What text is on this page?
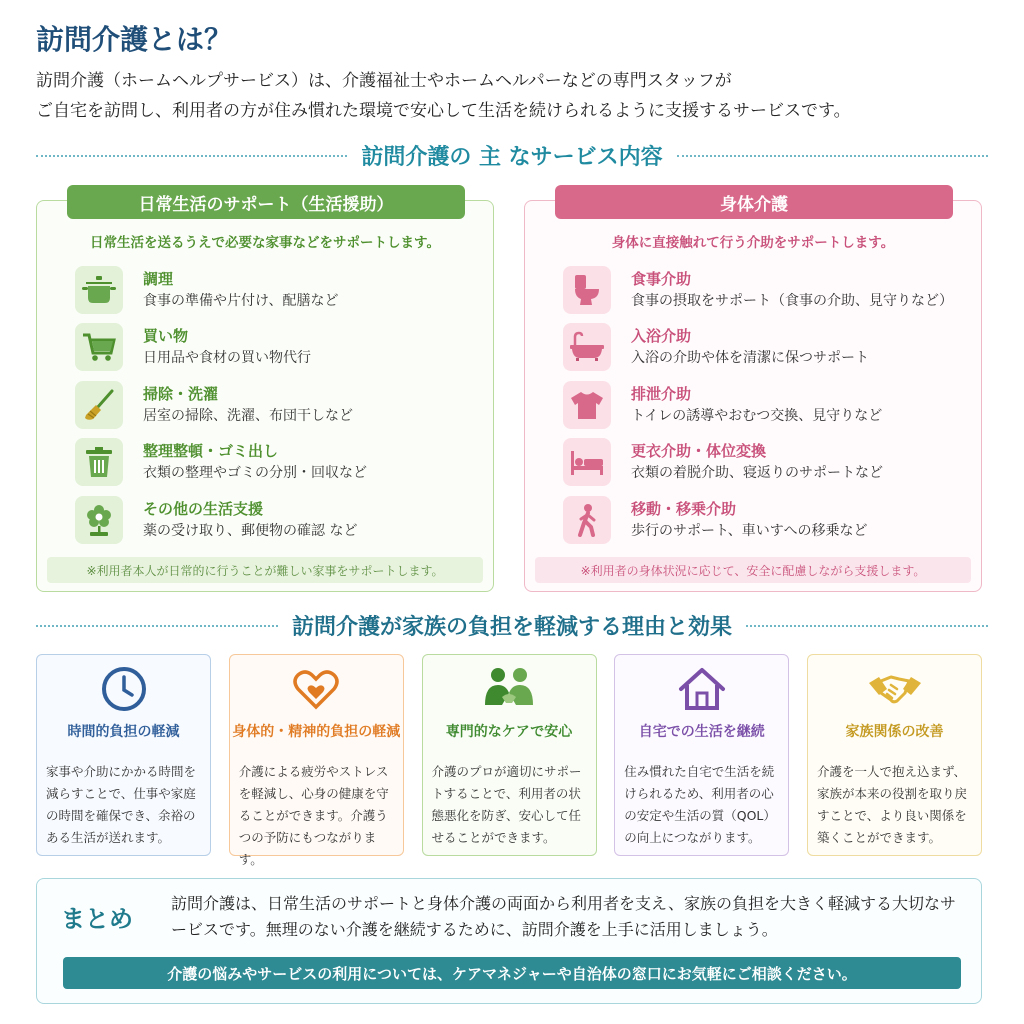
訪問介護とは？
訪問介護（ホームヘルプサービス）は、介護福祉士やホームヘルパーなどの専門スタッフが
ご自宅を訪問し、利用者の方が住み慣れた環境で安心して生活を続けられるように支援するサービスです。
訪問介護の 主 なサービス内容
日常生活のサポート（生活援助）
日常生活を送るうえで必要な家事などをサポートします。
調理
食事の準備や片付け、配膳など
買い物
日用品や食材の買い物代行
掃除・洗濯
居室の掃除、洗濯、布団干しなど
整理整頓・ゴミ出し
衣類の整理やゴミの分別・回収など
その他の生活支援
薬の受け取り、郵便物の確認 など
※利用者本人が日常的に行うことが難しい家事をサポートします。
身体介護
身体に直接触れて行う介助をサポートします。
食事介助
食事の摂取をサポート（食事の介助、見守りなど）
入浴介助
入浴の介助や体を清潔に保つサポート
排泄介助
トイレの誘導やおむつ交換、見守りなど
更衣介助・体位変換
衣類の着脱介助、寝返りのサポートなど
移動・移乗介助
歩行のサポート、車いすへの移乗など
※利用者の身体状況に応じて、安全に配慮しながら支援します。
訪問介護が家族の負担を軽減する理由と効果
時間的負担の軽減
家事や介助にかかる時間を減らすことで、仕事や家庭の時間を確保でき、余裕のある生活が送れます。
身体的・精神的負担の軽減
介護による疲労やストレスを軽減し、心身の健康を守ることができます。介護うつの予防にもつながります。
専門的なケアで安心
介護のプロが適切にサポートすることで、利用者の状態悪化を防ぎ、安心して任せることができます。
自宅での生活を継続
住み慣れた自宅で生活を続けられるため、利用者の心の安定や生活の質（QOL）の向上につながります。
家族関係の改善
介護を一人で抱え込まず、家族が本来の役割を取り戻すことで、より良い関係を築くことができます。
まとめ
訪問介護は、日常生活のサポートと身体介護の両面から利用者を支え、家族の負担を大きく軽減する大切なサービスです。無理のない介護を継続するために、訪問介護を上手に活用しましょう。
介護の悩みやサービスの利用については、ケアマネジャーや自治体の窓口にお気軽にご相談ください。
